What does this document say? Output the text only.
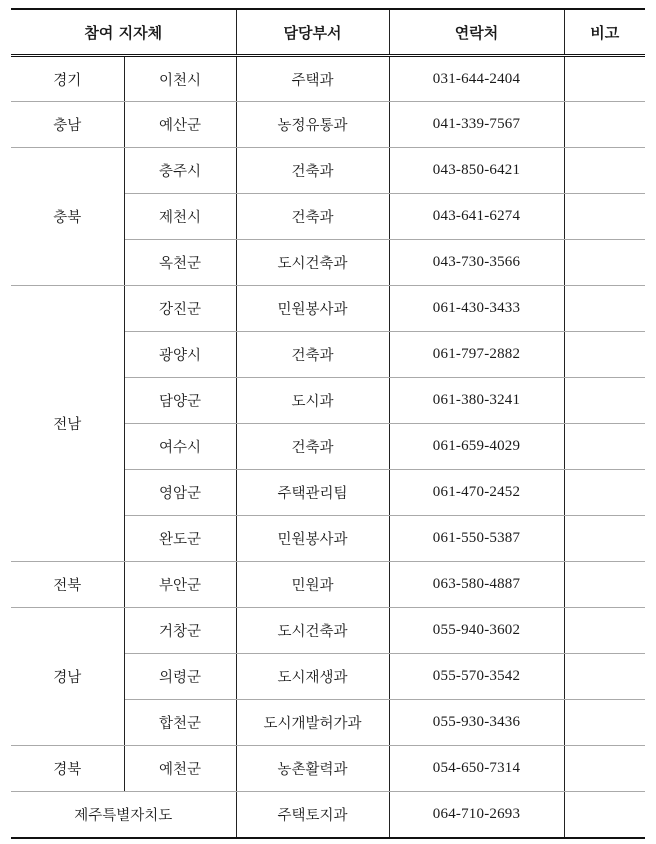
참여 지자체		담당부서	연락처	비고
경기	이천시	주택과	031-644-2404	
충남	예산군	농정유통과	041-339-7567	
충북	충주시	건축과	043-850-6421	
	제천시	건축과	043-641-6274	
	옥천군	도시건축과	043-730-3566	
전남	강진군	민원봉사과	061-430-3433	
	광양시	건축과	061-797-2882	
	담양군	도시과	061-380-3241	
	여수시	건축과	061-659-4029	
	영암군	주택관리팀	061-470-2452	
	완도군	민원봉사과	061-550-5387	
전북	부안군	민원과	063-580-4887	
경남	거창군	도시건축과	055-940-3602	
	의령군	도시재생과	055-570-3542	
	합천군	도시개발허가과	055-930-3436	
경북	예천군	농촌활력과	054-650-7314	
제주특별자치도		주택토지과	064-710-2693	
